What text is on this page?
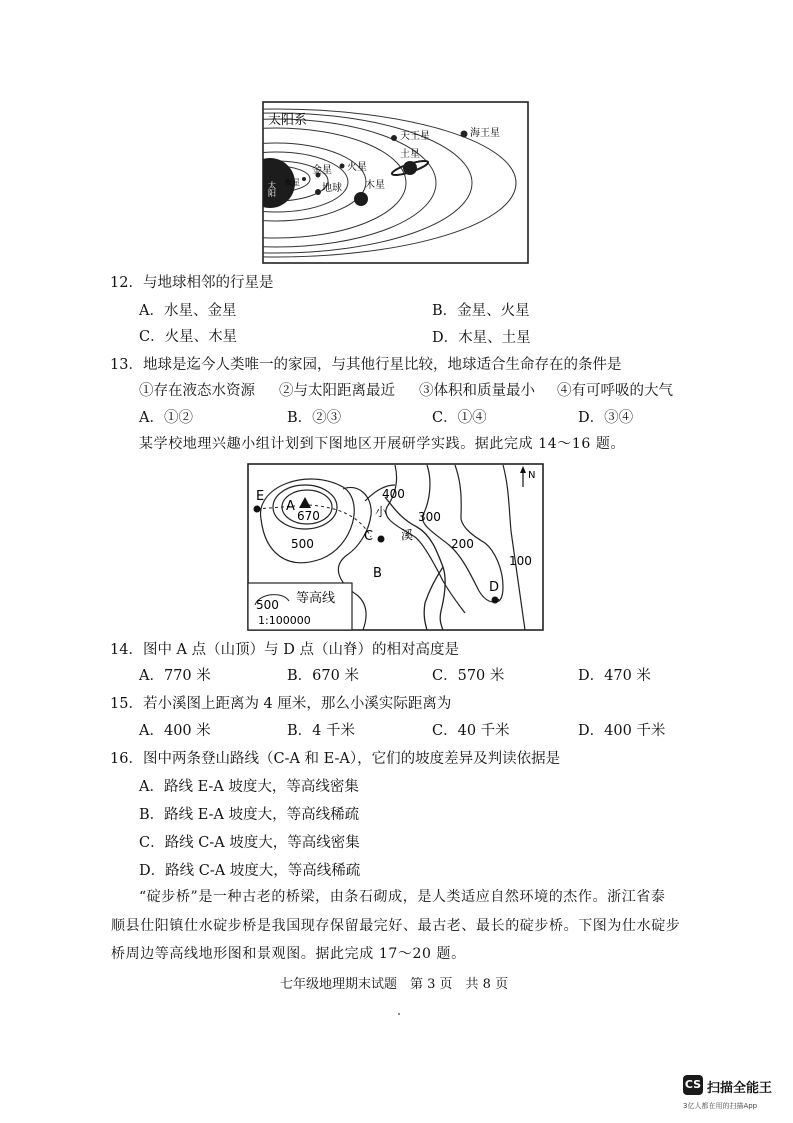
太阳系
太阳 水星
金星 火星
地球 木星
土星
天王星	海王星
12．与地球相邻的行星是
A．水星、金星	B．金星、火星
C．火星、木星	D．木星、土星
13．地球是迄今人类唯一的家园，与其他行星比较，地球适合生命存在的条件是
①存在液态水资源 ②与太阳距离最近 ③体积和质量最小 ④有可呼吸的大气
A．①②	B．②③	C．①④	D．③④
某学校地理兴趣小组计划到下图地区开展研学实践。据此完成 14～16 题。
E
A
670
500	C
B
400
小
溪
300
200
100
D
N
500 等高线
1:100000
14．图中 A 点（山顶）与 D 点（山脊）的相对高度是
A．770 米	B．670 米	C．570 米	D．470 米
15．若小溪图上距离为 4 厘米，那么小溪实际距离为
A．400 米	B．4 千米	C．40 千米	D．400 千米
16．图中两条登山路线（C-A 和 E-A），它们的坡度差异及判读依据是
A．路线 E-A 坡度大，等高线密集
B．路线 E-A 坡度大，等高线稀疏
C．路线 C-A 坡度大，等高线密集
D．路线 C-A 坡度大，等高线稀疏
“碇步桥”是一种古老的桥梁，由条石砌成，是人类适应自然环境的杰作。浙江省泰
顺县仕阳镇仕水碇步桥是我国现存保留最完好、最古老、最长的碇步桥。下图为仕水碇步
桥周边等高线地形图和景观图。据此完成 17～20 题。
七年级地理期末试题　第 3 页　共 8 页
CS 扫描全能王
3亿人都在用的扫描App
